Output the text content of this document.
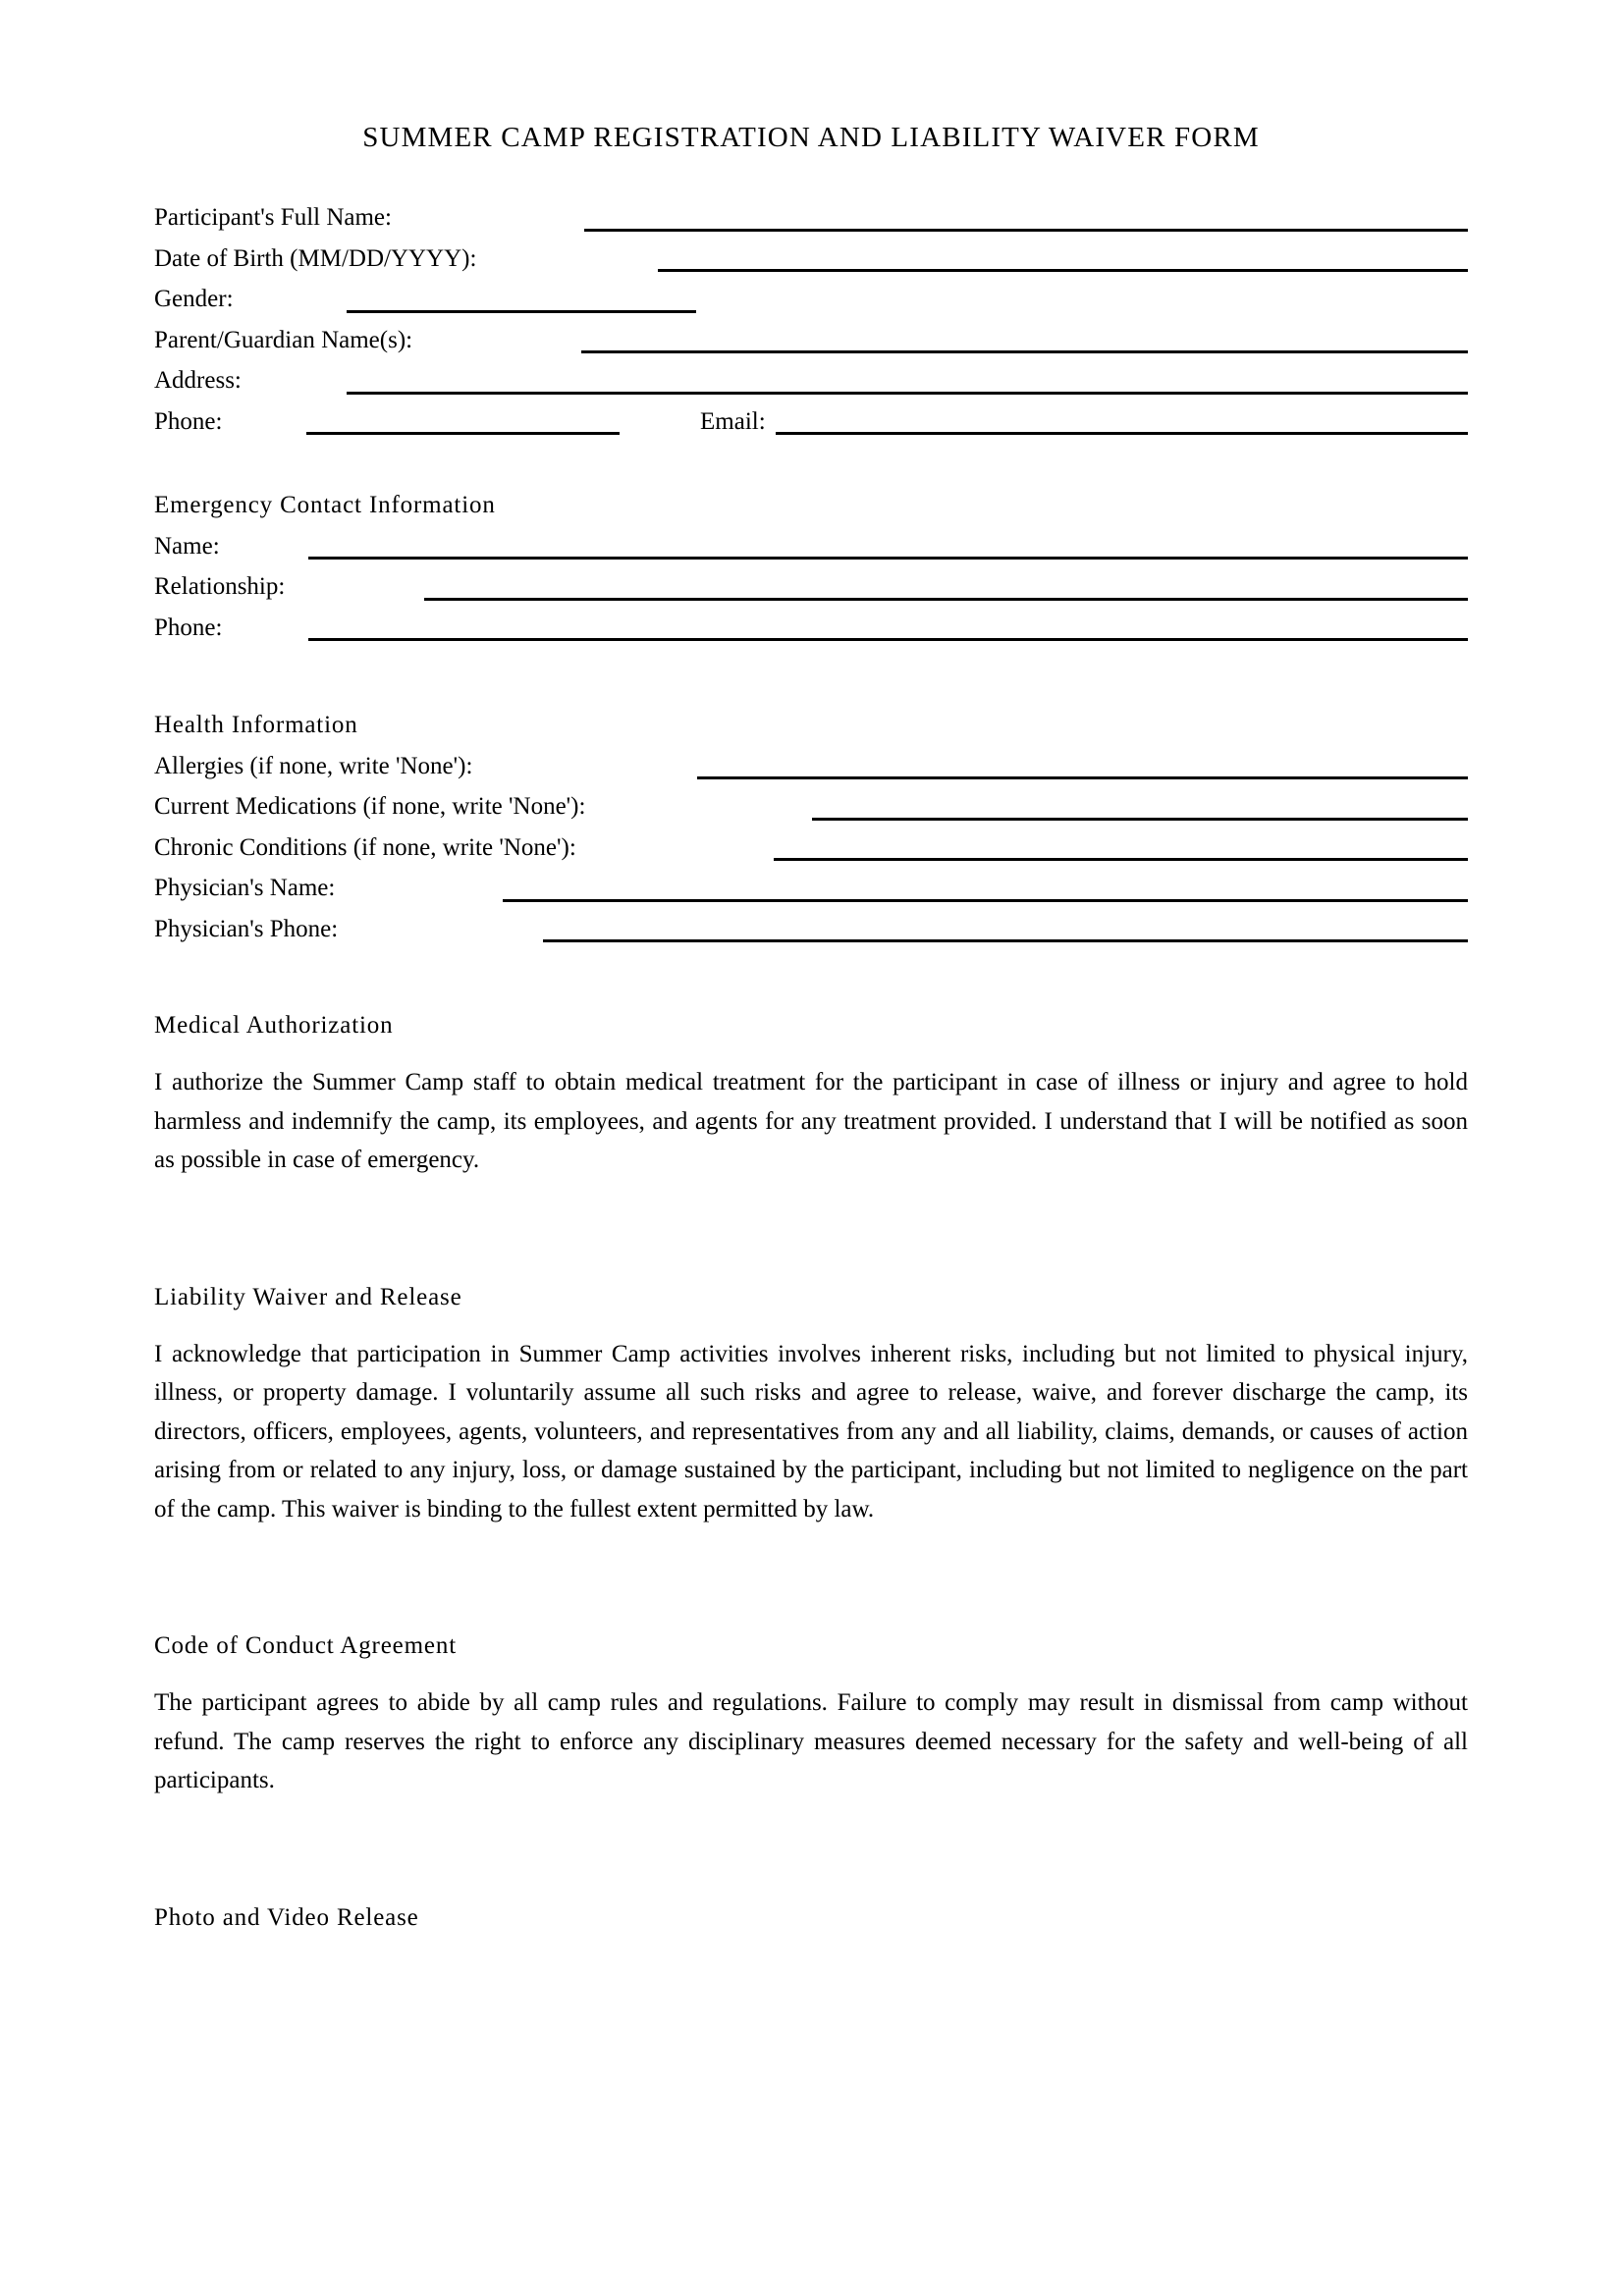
SUMMER CAMP REGISTRATION AND LIABILITY WAIVER FORM
Participant's Full Name:
Date of Birth (MM/DD/YYYY):
Gender:
Parent/Guardian Name(s):
Address:
Phone:	Email:
Emergency Contact Information
Name:
Relationship:
Phone:
Health Information
Allergies (if none, write 'None'):
Current Medications (if none, write 'None'):
Chronic Conditions (if none, write 'None'):
Physician's Name:
Physician's Phone:
Medical Authorization

I authorize the Summer Camp staff to obtain medical treatment for the participant in case of illness or injury and agree to hold harmless and indemnify the camp, its employees, and agents for any treatment provided. I understand that I will be notified as soon as possible in case of emergency.

Liability Waiver and Release

I acknowledge that participation in Summer Camp activities involves inherent risks, including but not limited to physical injury, illness, or property damage. I voluntarily assume all such risks and agree to release, waive, and forever discharge the camp, its directors, officers, employees, agents, volunteers, and representatives from any and all liability, claims, demands, or causes of action arising from or related to any injury, loss, or damage sustained by the participant, including but not limited to negligence on the part of the camp. This waiver is binding to the fullest extent permitted by law.

Code of Conduct Agreement

The participant agrees to abide by all camp rules and regulations. Failure to comply may result in dismissal from camp without refund. The camp reserves the right to enforce any disciplinary measures deemed necessary for the safety and well-being of all participants.

Photo and Video Release
